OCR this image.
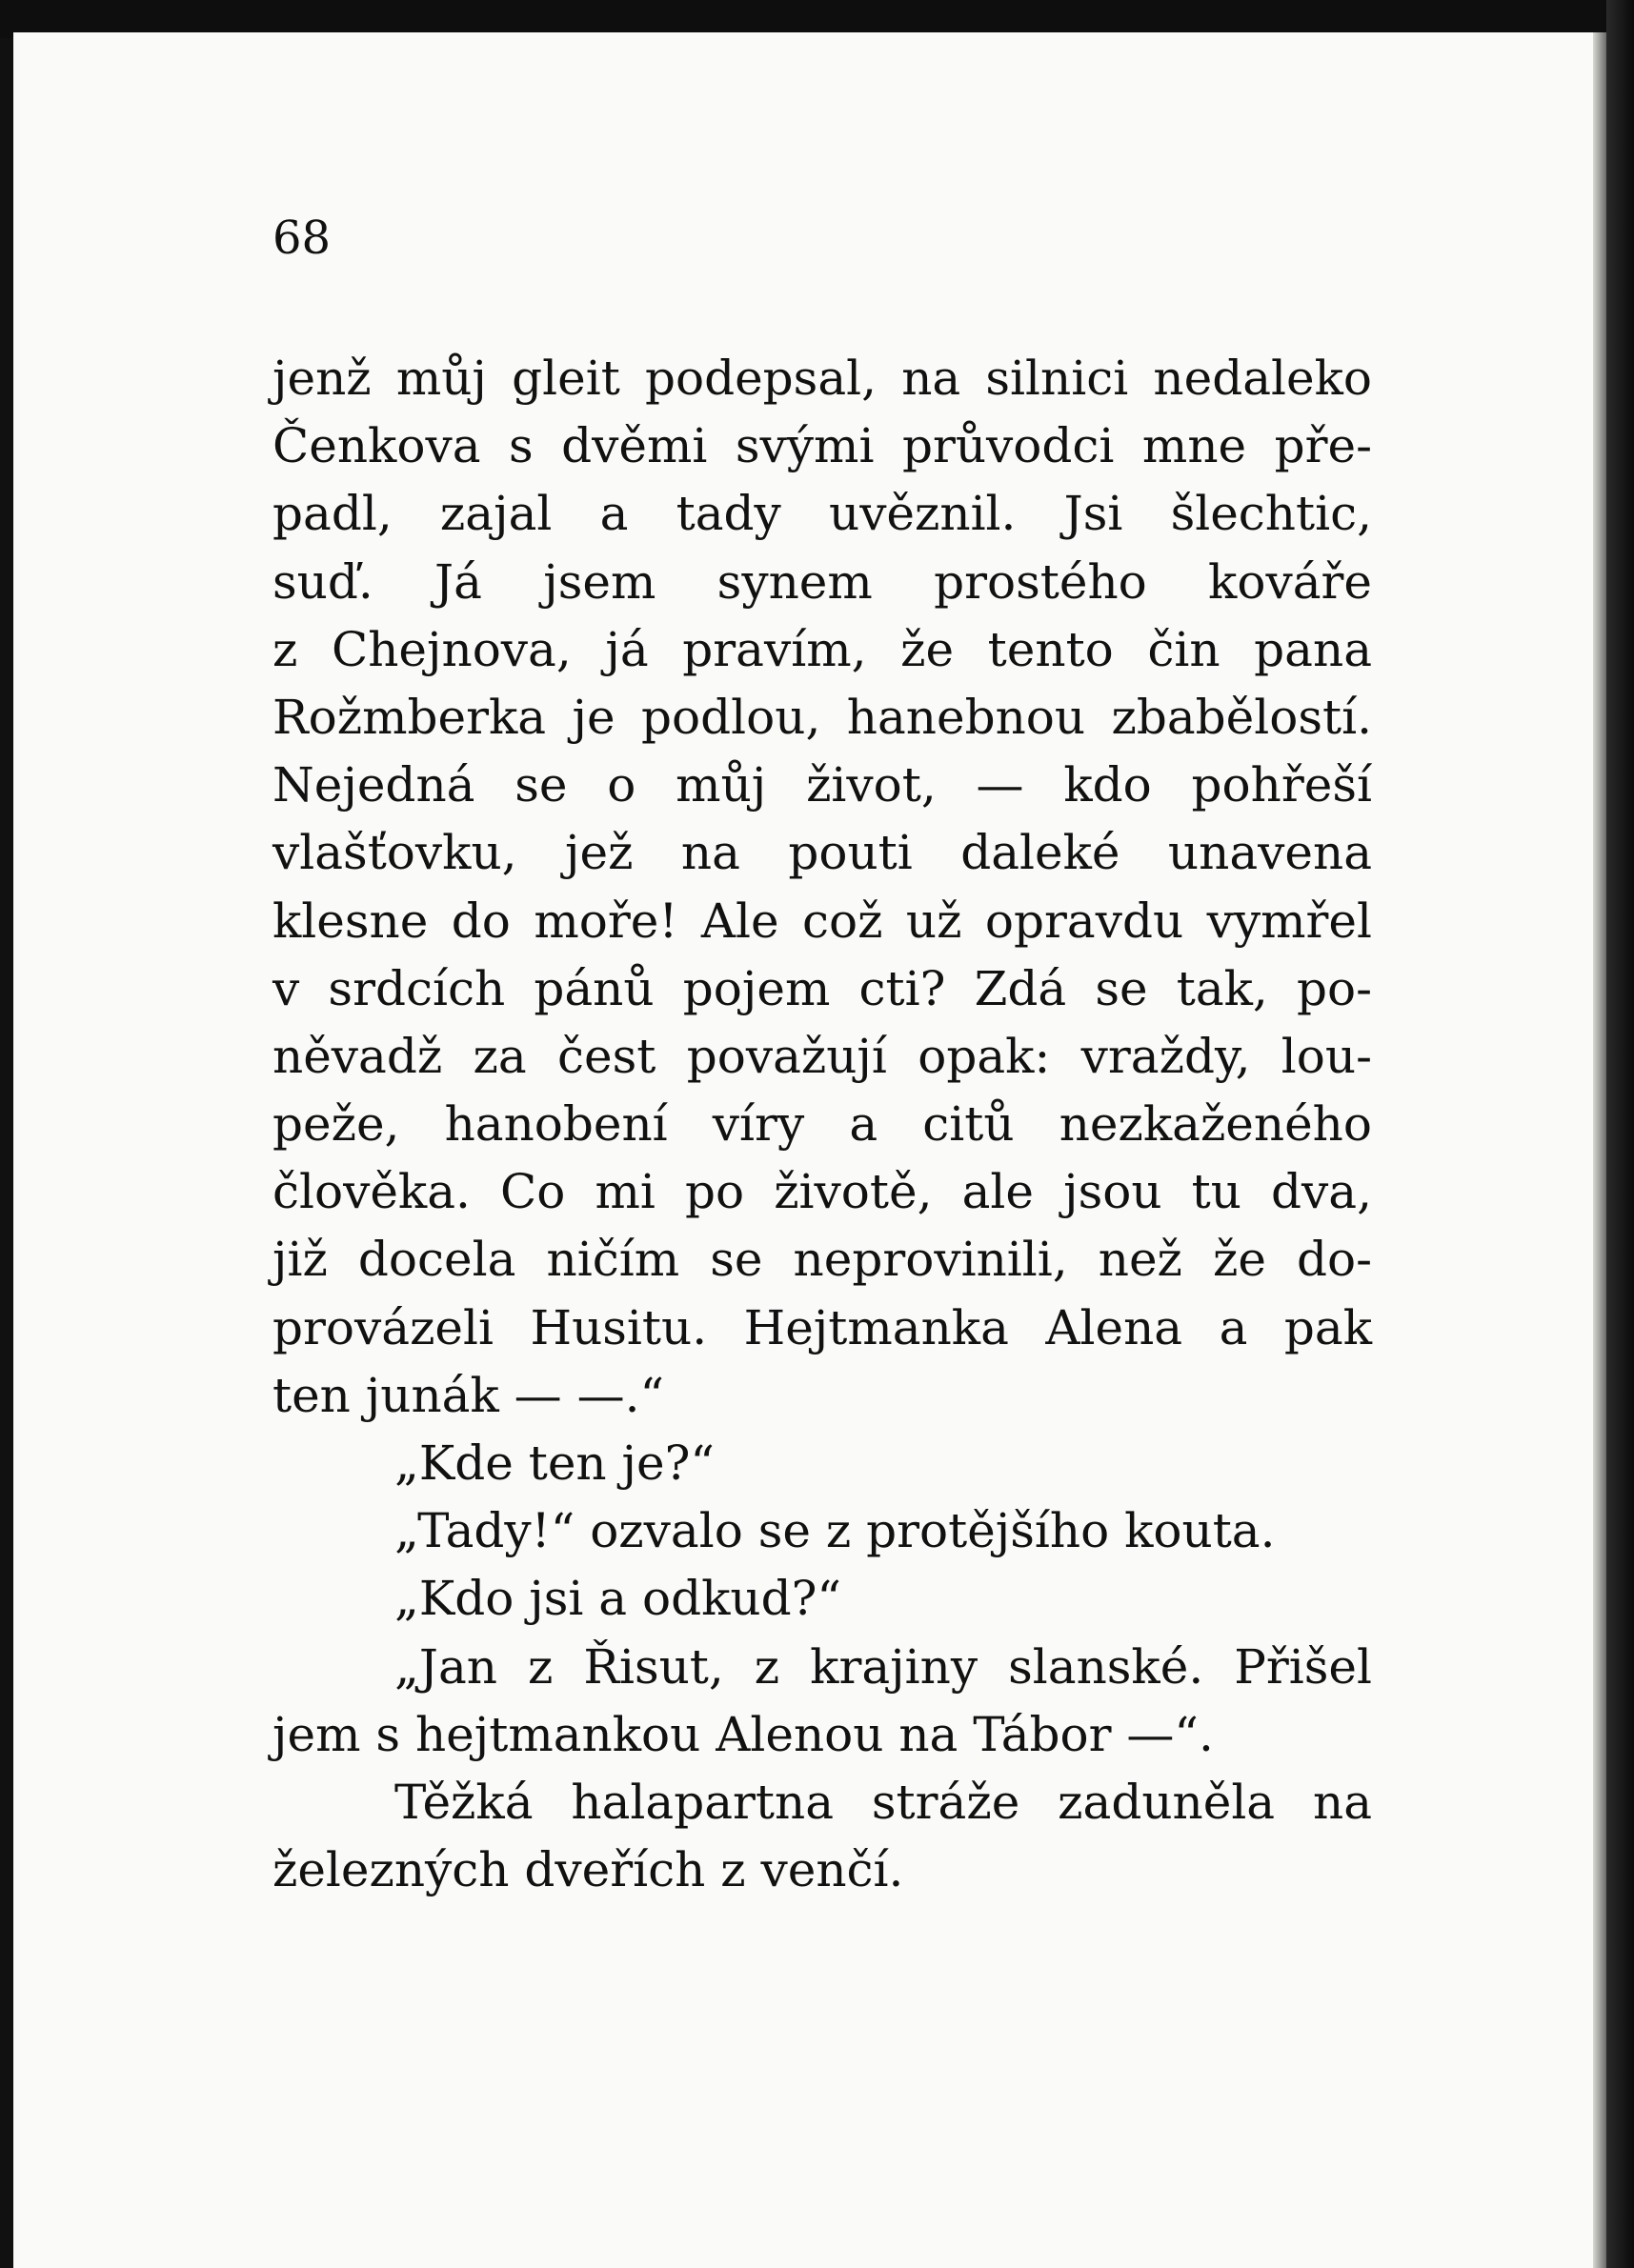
68

jenž můj gleit podepsal, na silnici nedaleko
Čenkova s dvěmi svými průvodci mne pře-
padl, zajal a tady uvěznil. Jsi šlechtic,
suď. Já jsem synem prostého kováře
z Chejnova, já pravím, že tento čin pana
Rožmberka je podlou, hanebnou zbabělostí.
Nejedná se o můj život, — kdo pohřeší
vlašťovku, jež na pouti daleké unavena
klesne do moře! Ale což už opravdu vymřel
v srdcích pánů pojem cti? Zdá se tak, po-
něvadž za čest považují opak: vraždy, lou-
peže, hanobení víry a citů nezkaženého
člověka. Co mi po životě, ale jsou tu dva,
již docela ničím se neprovinili, než že do-
provázeli Husitu. Hejtmanka Alena a pak
ten junák — —.“
„Kde ten je?“
„Tady!“ ozvalo se z protějšího kouta.
„Kdo jsi a odkud?“
„Jan z Řisut, z krajiny slanské. Přišel
jem s hejtmankou Alenou na Tábor —“.
Těžká halapartna stráže zaduněla na
železných dveřích z venčí.
